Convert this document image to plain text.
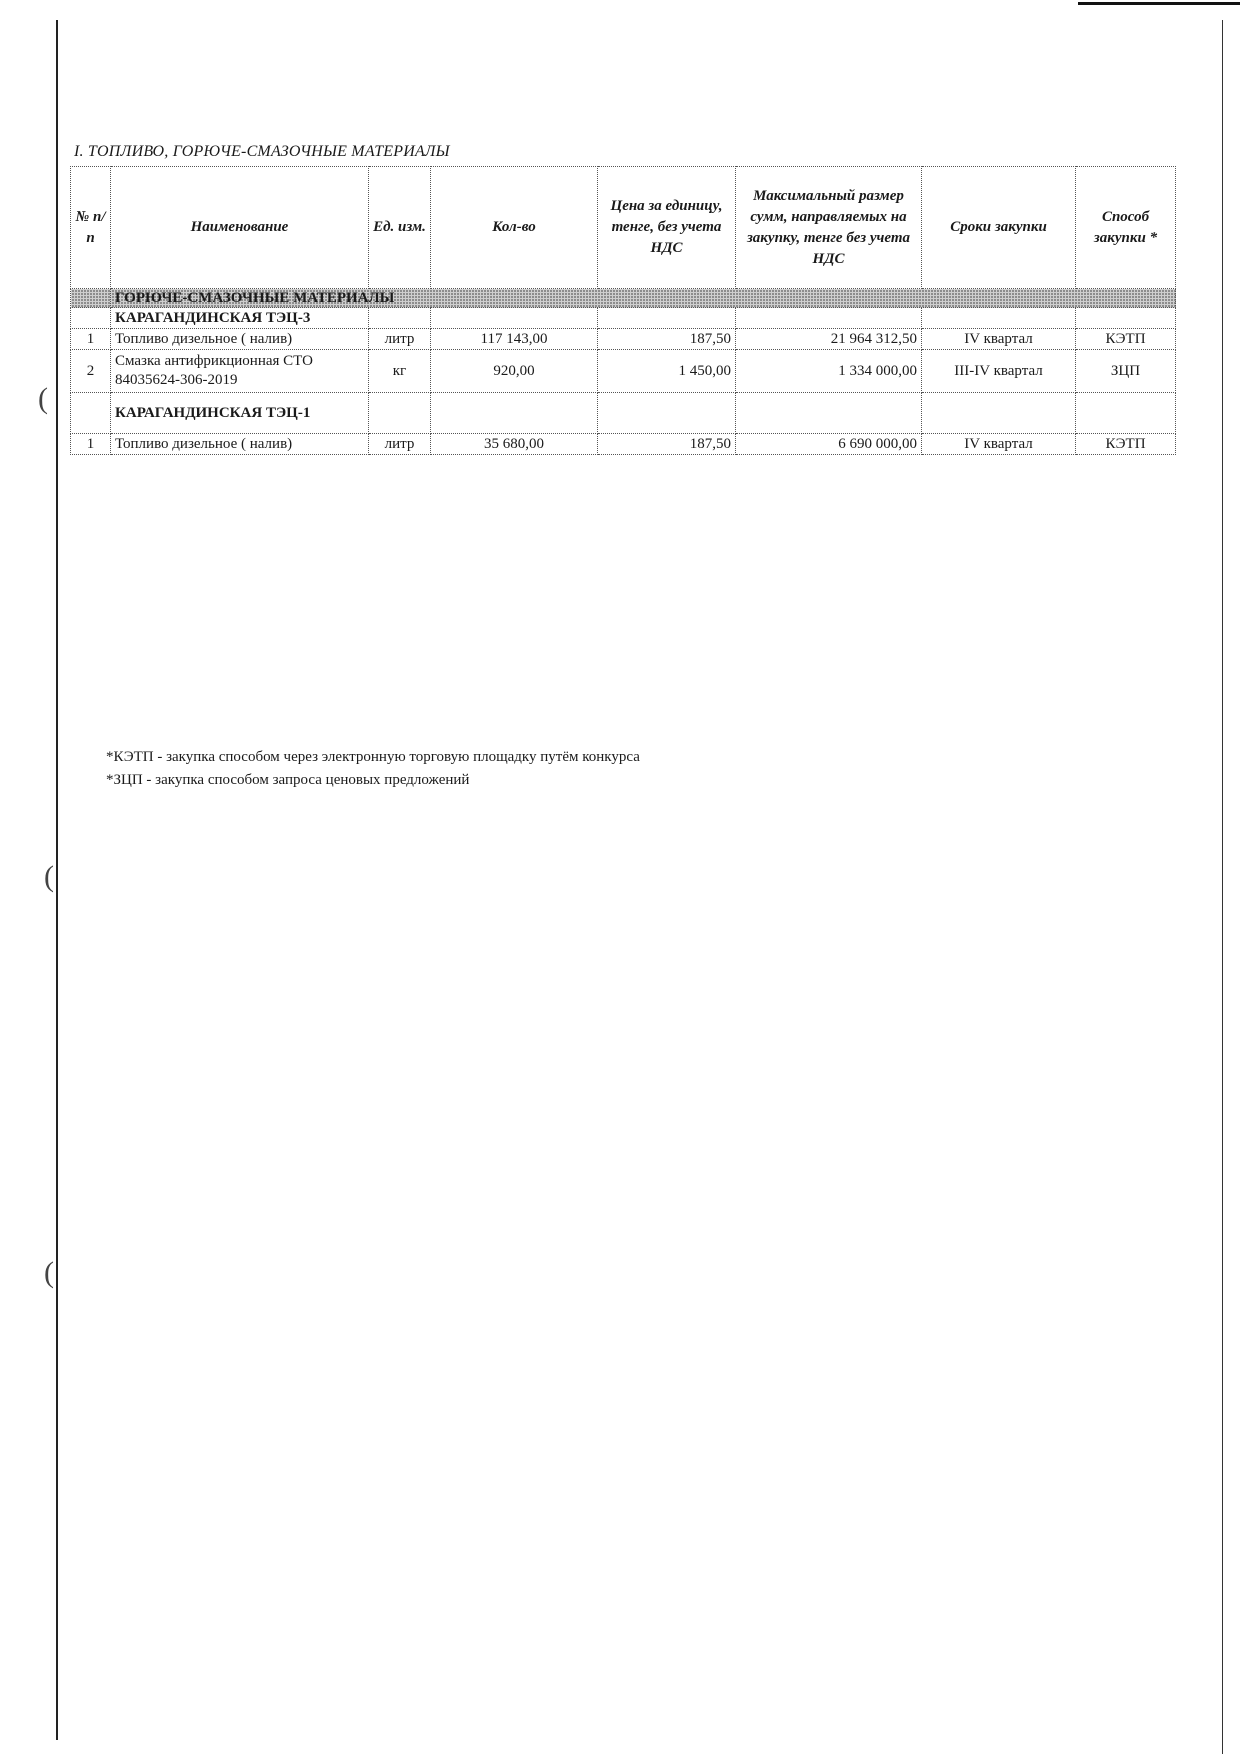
(
(
(
I. ТОПЛИВО, ГОРЮЧЕ-СМАЗОЧНЫЕ МАТЕРИАЛЫ
№ п/п	Наименование	Ед. изм.	Кол-во	Цена за единицу, тенге, без учета НДС	Максимальный размер сумм, направляемых на закупку, тенге без учета НДС	Сроки закупки	Способ закупки *
	ГОРЮЧЕ-СМАЗОЧНЫЕ МАТЕРИАЛЫ						
	КАРАГАНДИНСКАЯ ТЭЦ-3						
1	Топливо дизельное ( налив)	литр	117 143,00	187,50	21 964 312,50	IV квартал	КЭТП
2	Смазка антифрикционная СТО 84035624-306-2019	кг	920,00	1 450,00	1 334 000,00	III-IV квартал	ЗЦП
	КАРАГАНДИНСКАЯ ТЭЦ-1						
1	Топливо дизельное ( налив)	литр	35 680,00	187,50	6 690 000,00	IV квартал	КЭТП
*КЭТП - закупка способом через электронную торговую площадку путём конкурса
*ЗЦП - закупка способом запроса ценовых предложений
